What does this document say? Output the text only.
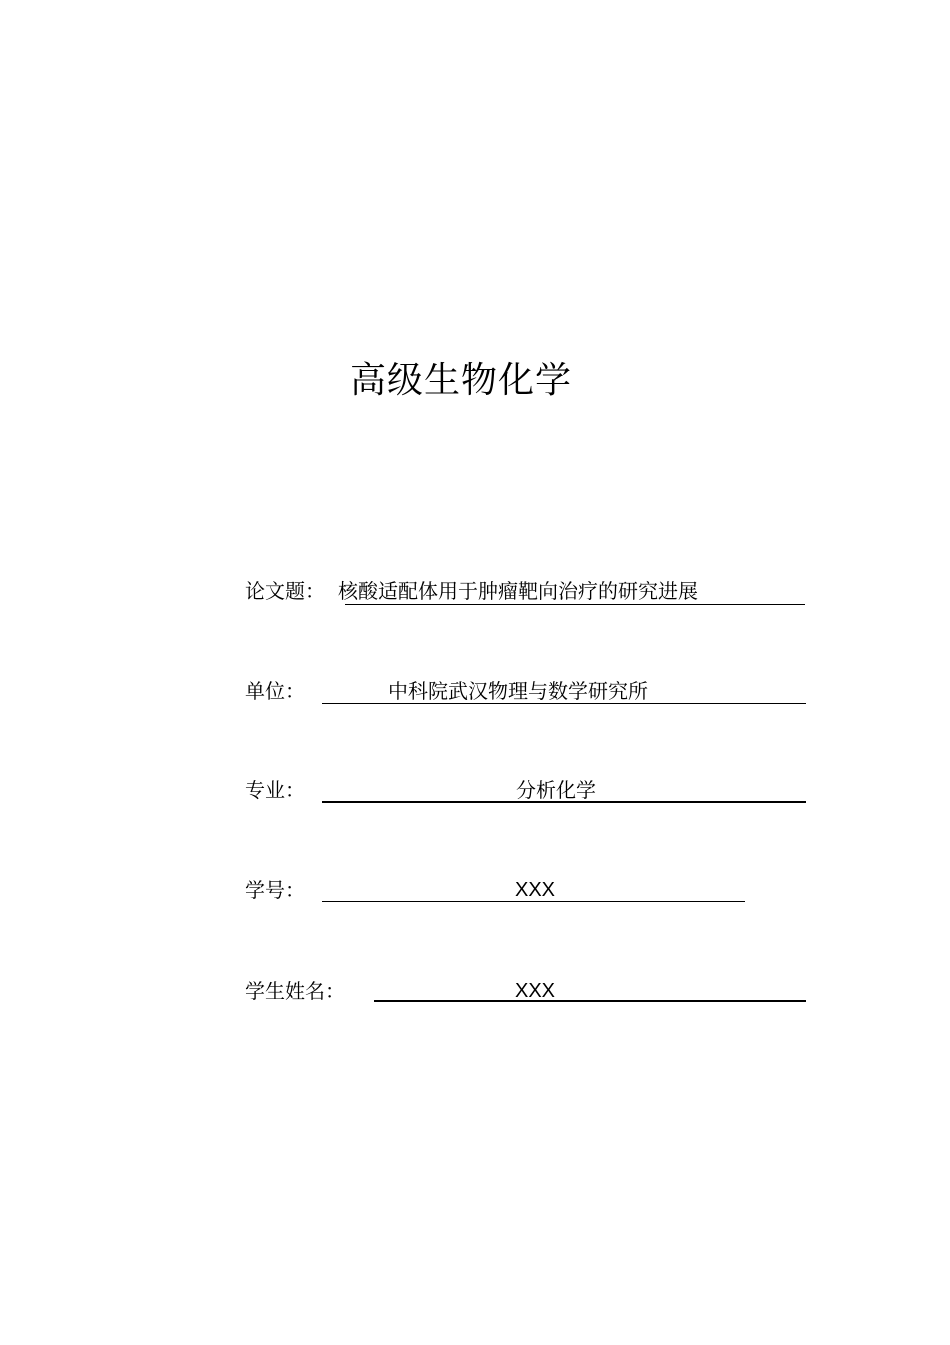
高级生物化学
论文题： 核酸适配体用于肿瘤靶向治疗的研究进展
单位：	中科院武汉物理与数学研究所
专业：	分析化学
学号：	XXX
学生姓名：	XXX
